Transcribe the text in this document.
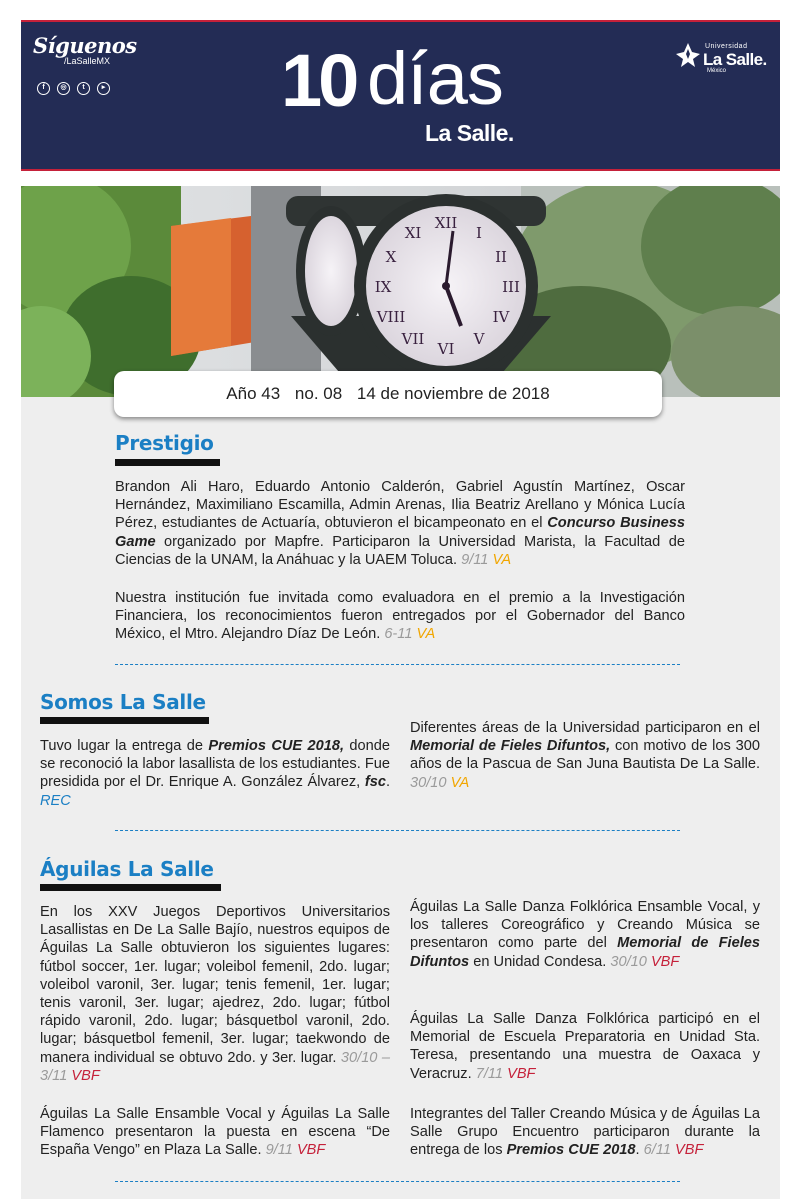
Síguenos
/LaSalleMX
f	◎	t	▸ 10 días
La Salle.
Universidad
La Salle.
México
XII
I
II
III
IV
V
VI
VII
VIII
IX
X
XI
Año 43 no. 08 14 de noviembre de 2018
Prestigio
Brandon Ali Haro, Eduardo Antonio Calderón, Gabriel Agustín Martínez, Oscar Hernández, Maximiliano Escamilla, Admin Arenas, Ilia Beatriz Arellano y Mónica Lucía Pérez, estudiantes de Actuaría, obtuvieron el bicampeonato en el Concurso Business Game organizado por Mapfre. Participaron la Universidad Marista, la Facultad de Ciencias de la UNAM, la Anáhuac y la UAEM Toluca. 9/11 VA
Nuestra institución fue invitada como evaluadora en el premio a la Investigación Financiera, los reconocimientos fueron entregados por el Gobernador del Banco México, el Mtro. Alejandro Díaz De León. 6-11 VA
Somos La Salle
Tuvo lugar la entrega de Premios CUE 2018, donde se reconoció la labor lasallista de los estudiantes. Fue presidida por el Dr. Enrique A. González Álvarez, fsc. REC
Diferentes áreas de la Universidad participaron en el Memorial de Fieles Difuntos, con motivo de los 300 años de la Pascua de San Juna Bautista De La Salle. 30/10 VA
Águilas La Salle
En los XXV Juegos Deportivos Universitarios Lasallistas en De La Salle Bajío, nuestros equipos de Águilas La Salle obtuvieron los siguientes lugares: fútbol soccer, 1er. lugar; voleibol femenil, 2do. lugar; voleibol varonil, 3er. lugar; tenis femenil, 1er. lugar; tenis varonil, 3er. lugar; ajedrez, 2do. lugar; fútbol rápido varonil, 2do. lugar; básquetbol varonil, 2do. lugar; básquetbol femenil, 3er. lugar; taekwondo de manera individual se obtuvo 2do. y 3er. lugar. 30/10 – 3/11 VBF
Águilas La Salle Ensamble Vocal y Águilas La Salle Flamenco presentaron la puesta en escena “De España Vengo” en Plaza La Salle. 9/11 VBF
Águilas La Salle Danza Folklórica Ensamble Vocal, y los talleres Coreográfico y Creando Música se presentaron como parte del Memorial de Fieles Difuntos en Unidad Condesa. 30/10 VBF
Águilas La Salle Danza Folklórica participó en el Memorial de Escuela Preparatoria en Unidad Sta. Teresa, presentando una muestra de Oaxaca y Veracruz. 7/11 VBF
Integrantes del Taller Creando Música y de Águilas La Salle Grupo Encuentro participaron durante la entrega de los Premios CUE 2018. 6/11 VBF
